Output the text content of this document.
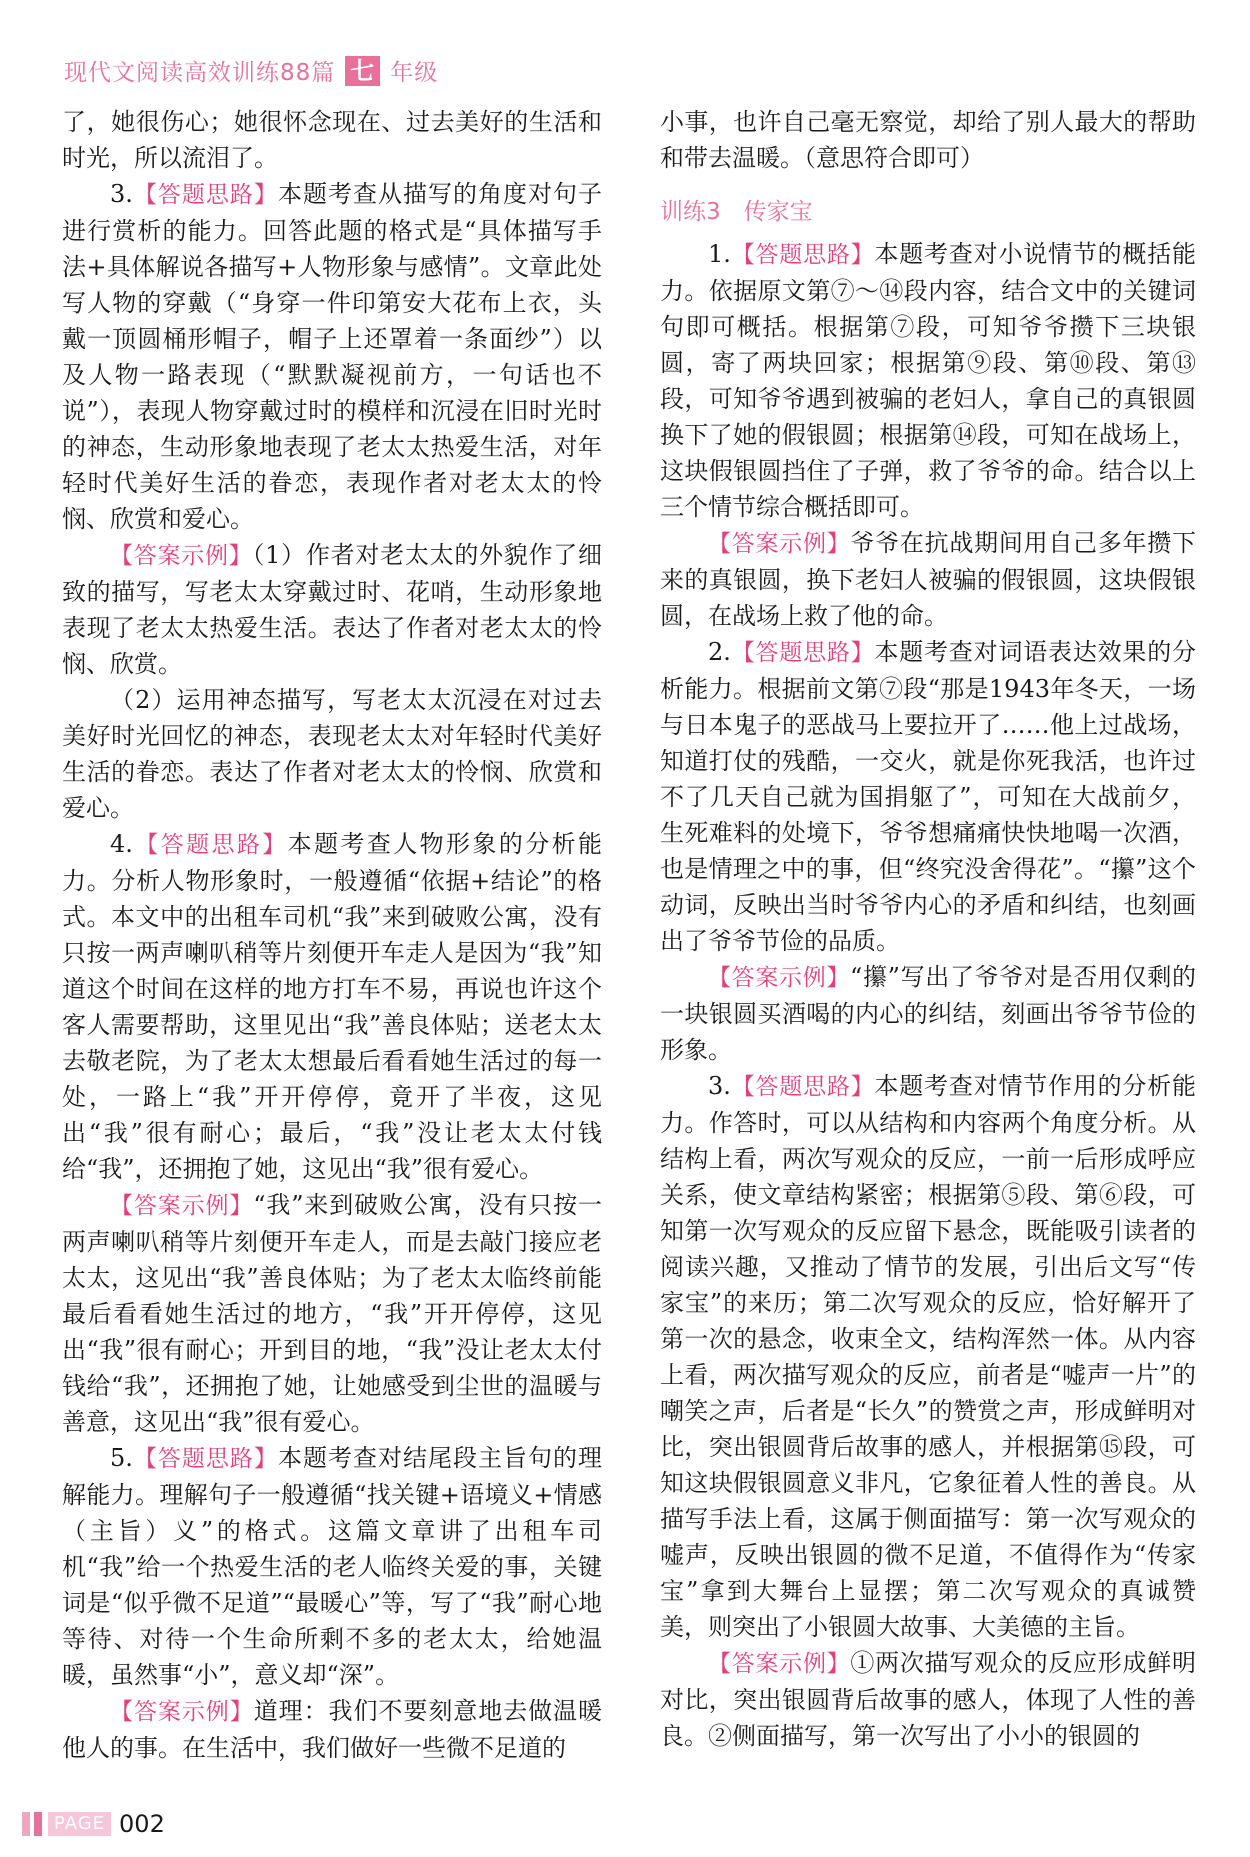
现代文阅读高效训练88篇 七 年级

了，她很伤心；她很怀念现在、过去美好的生活和时光，所以流泪了。

3.【答题思路】本题考查从描写的角度对句子进行赏析的能力。回答此题的格式是“具体描写手法+具体解说各描写+人物形象与感情”。文章此处写人物的穿戴（“身穿一件印第安大花布上衣，头戴一顶圆桶形帽子，帽子上还罩着一条面纱”）以及人物一路表现（“默默凝视前方，一句话也不说”），表现人物穿戴过时的模样和沉浸在旧时光时的神态，生动形象地表现了老太太热爱生活，对年轻时代美好生活的眷恋，表现作者对老太太的怜悯、欣赏和爱心。

【答案示例】（1）作者对老太太的外貌作了细致的描写，写老太太穿戴过时、花哨，生动形象地表现了老太太热爱生活。表达了作者对老太太的怜悯、欣赏。

（2）运用神态描写，写老太太沉浸在对过去美好时光回忆的神态，表现老太太对年轻时代美好生活的眷恋。表达了作者对老太太的怜悯、欣赏和爱心。

4.【答题思路】本题考查人物形象的分析能力。分析人物形象时，一般遵循“依据+结论”的格式。本文中的出租车司机“我”来到破败公寓，没有只按一两声喇叭稍等片刻便开车走人是因为“我”知道这个时间在这样的地方打车不易，再说也许这个客人需要帮助，这里见出“我”善良体贴；送老太太去敬老院，为了老太太想最后看看她生活过的每一处，一路上“我”开开停停，竟开了半夜，这见出“我”很有耐心；最后，“我”没让老太太付钱给“我”，还拥抱了她，这见出“我”很有爱心。

【答案示例】“我”来到破败公寓，没有只按一两声喇叭稍等片刻便开车走人，而是去敲门接应老太太，这见出“我”善良体贴；为了老太太临终前能最后看看她生活过的地方，“我”开开停停，这见出“我”很有耐心；开到目的地，“我”没让老太太付钱给“我”，还拥抱了她，让她感受到尘世的温暖与善意，这见出“我”很有爱心。

5.【答题思路】本题考查对结尾段主旨句的理解能力。理解句子一般遵循“找关键+语境义+情感（主旨）义”的格式。这篇文章讲了出租车司机“我”给一个热爱生活的老人临终关爱的事，关键词是“似乎微不足道”“最暖心”等，写了“我”耐心地等待、对待一个生命所剩不多的老太太，给她温暖，虽然事“小”，意义却“深”。

【答案示例】道理：我们不要刻意地去做温暖他人的事。在生活中，我们做好一些微不足道的

小事，也许自己毫无察觉，却给了别人最大的帮助和带去温暖。（意思符合即可）

训练3　传家宝

1.【答题思路】本题考查对小说情节的概括能力。依据原文第⑦～⑭段内容，结合文中的关键词句即可概括。根据第⑦段，可知爷爷攒下三块银圆，寄了两块回家；根据第⑨段、第⑩段、第⑬段，可知爷爷遇到被骗的老妇人，拿自己的真银圆换下了她的假银圆；根据第⑭段，可知在战场上，这块假银圆挡住了子弹，救了爷爷的命。结合以上三个情节综合概括即可。

【答案示例】爷爷在抗战期间用自己多年攒下来的真银圆，换下老妇人被骗的假银圆，这块假银圆，在战场上救了他的命。

2.【答题思路】本题考查对词语表达效果的分析能力。根据前文第⑦段“那是1943年冬天，一场与日本鬼子的恶战马上要拉开了……他上过战场，知道打仗的残酷，一交火，就是你死我活，也许过不了几天自己就为国捐躯了”，可知在大战前夕，生死难料的处境下，爷爷想痛痛快快地喝一次酒，也是情理之中的事，但“终究没舍得花”。“攥”这个动词，反映出当时爷爷内心的矛盾和纠结，也刻画出了爷爷节俭的品质。

【答案示例】“攥”写出了爷爷对是否用仅剩的一块银圆买酒喝的内心的纠结，刻画出爷爷节俭的形象。

3.【答题思路】本题考查对情节作用的分析能力。作答时，可以从结构和内容两个角度分析。从结构上看，两次写观众的反应，一前一后形成呼应关系，使文章结构紧密；根据第⑤段、第⑥段，可知第一次写观众的反应留下悬念，既能吸引读者的阅读兴趣，又推动了情节的发展，引出后文写“传家宝”的来历；第二次写观众的反应，恰好解开了第一次的悬念，收束全文，结构浑然一体。从内容上看，两次描写观众的反应，前者是“嘘声一片”的嘲笑之声，后者是“长久”的赞赏之声，形成鲜明对比，突出银圆背后故事的感人，并根据第⑮段，可知这块假银圆意义非凡，它象征着人性的善良。从描写手法上看，这属于侧面描写：第一次写观众的嘘声，反映出银圆的微不足道，不值得作为“传家宝”拿到大舞台上显摆；第二次写观众的真诚赞美，则突出了小银圆大故事、大美德的主旨。

【答案示例】①两次描写观众的反应形成鲜明对比，突出银圆背后故事的感人，体现了人性的善良。②侧面描写，第一次写出了小小的银圆的

PAGE 002
